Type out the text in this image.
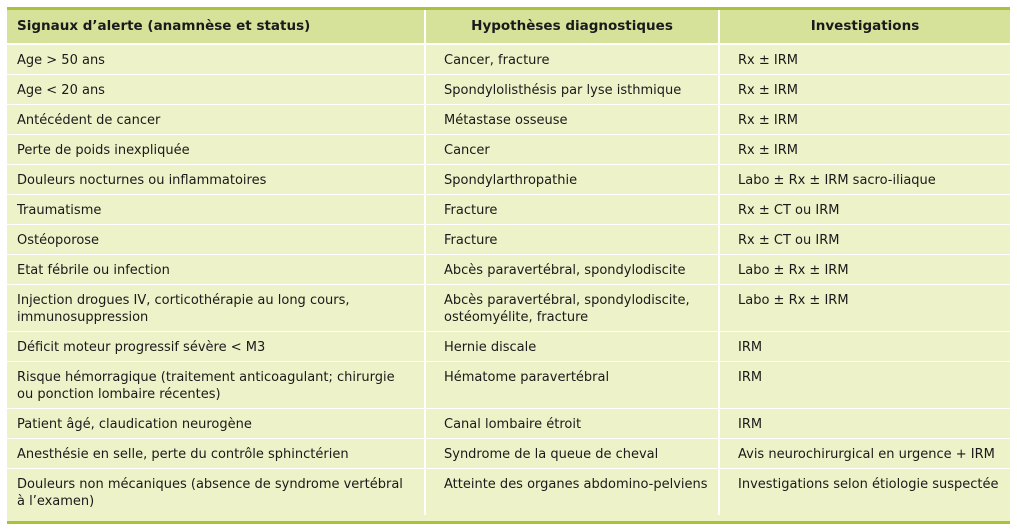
Signaux d’alerte (anamnèse et status)	Hypothèses diagnostiques	Investigations
Age > 50 ans	Cancer, fracture	Rx ± IRM
Age < 20 ans	Spondylolisthésis par lyse isthmique	Rx ± IRM
Antécédent de cancer	Métastase osseuse	Rx ± IRM
Perte de poids inexpliquée	Cancer	Rx ± IRM
Douleurs nocturnes ou inflammatoires	Spondylarthropathie	Labo ± Rx ± IRM sacro-iliaque
Traumatisme	Fracture	Rx ± CT ou IRM
Ostéoporose	Fracture	Rx ± CT ou IRM
Etat fébrile ou infection	Abcès paravertébral, spondylodiscite	Labo ± Rx ± IRM
Injection drogues IV, corticothérapie au long cours, immunosuppression	Abcès paravertébral, spondylodiscite, ostéomyélite, fracture	Labo ± Rx ± IRM
Déficit moteur progressif sévère < M3	Hernie discale	IRM
Risque hémorragique (traitement anticoagulant; chirurgie ou ponction lombaire récentes)	Hématome paravertébral	IRM
Patient âgé, claudication neurogène	Canal lombaire étroit	IRM
Anesthésie en selle, perte du contrôle sphinctérien	Syndrome de la queue de cheval	Avis neurochirurgical en urgence + IRM
Douleurs non mécaniques (absence de syndrome vertébral à l’examen)	Atteinte des organes abdomino-pelviens	Investigations selon étiologie suspectée
